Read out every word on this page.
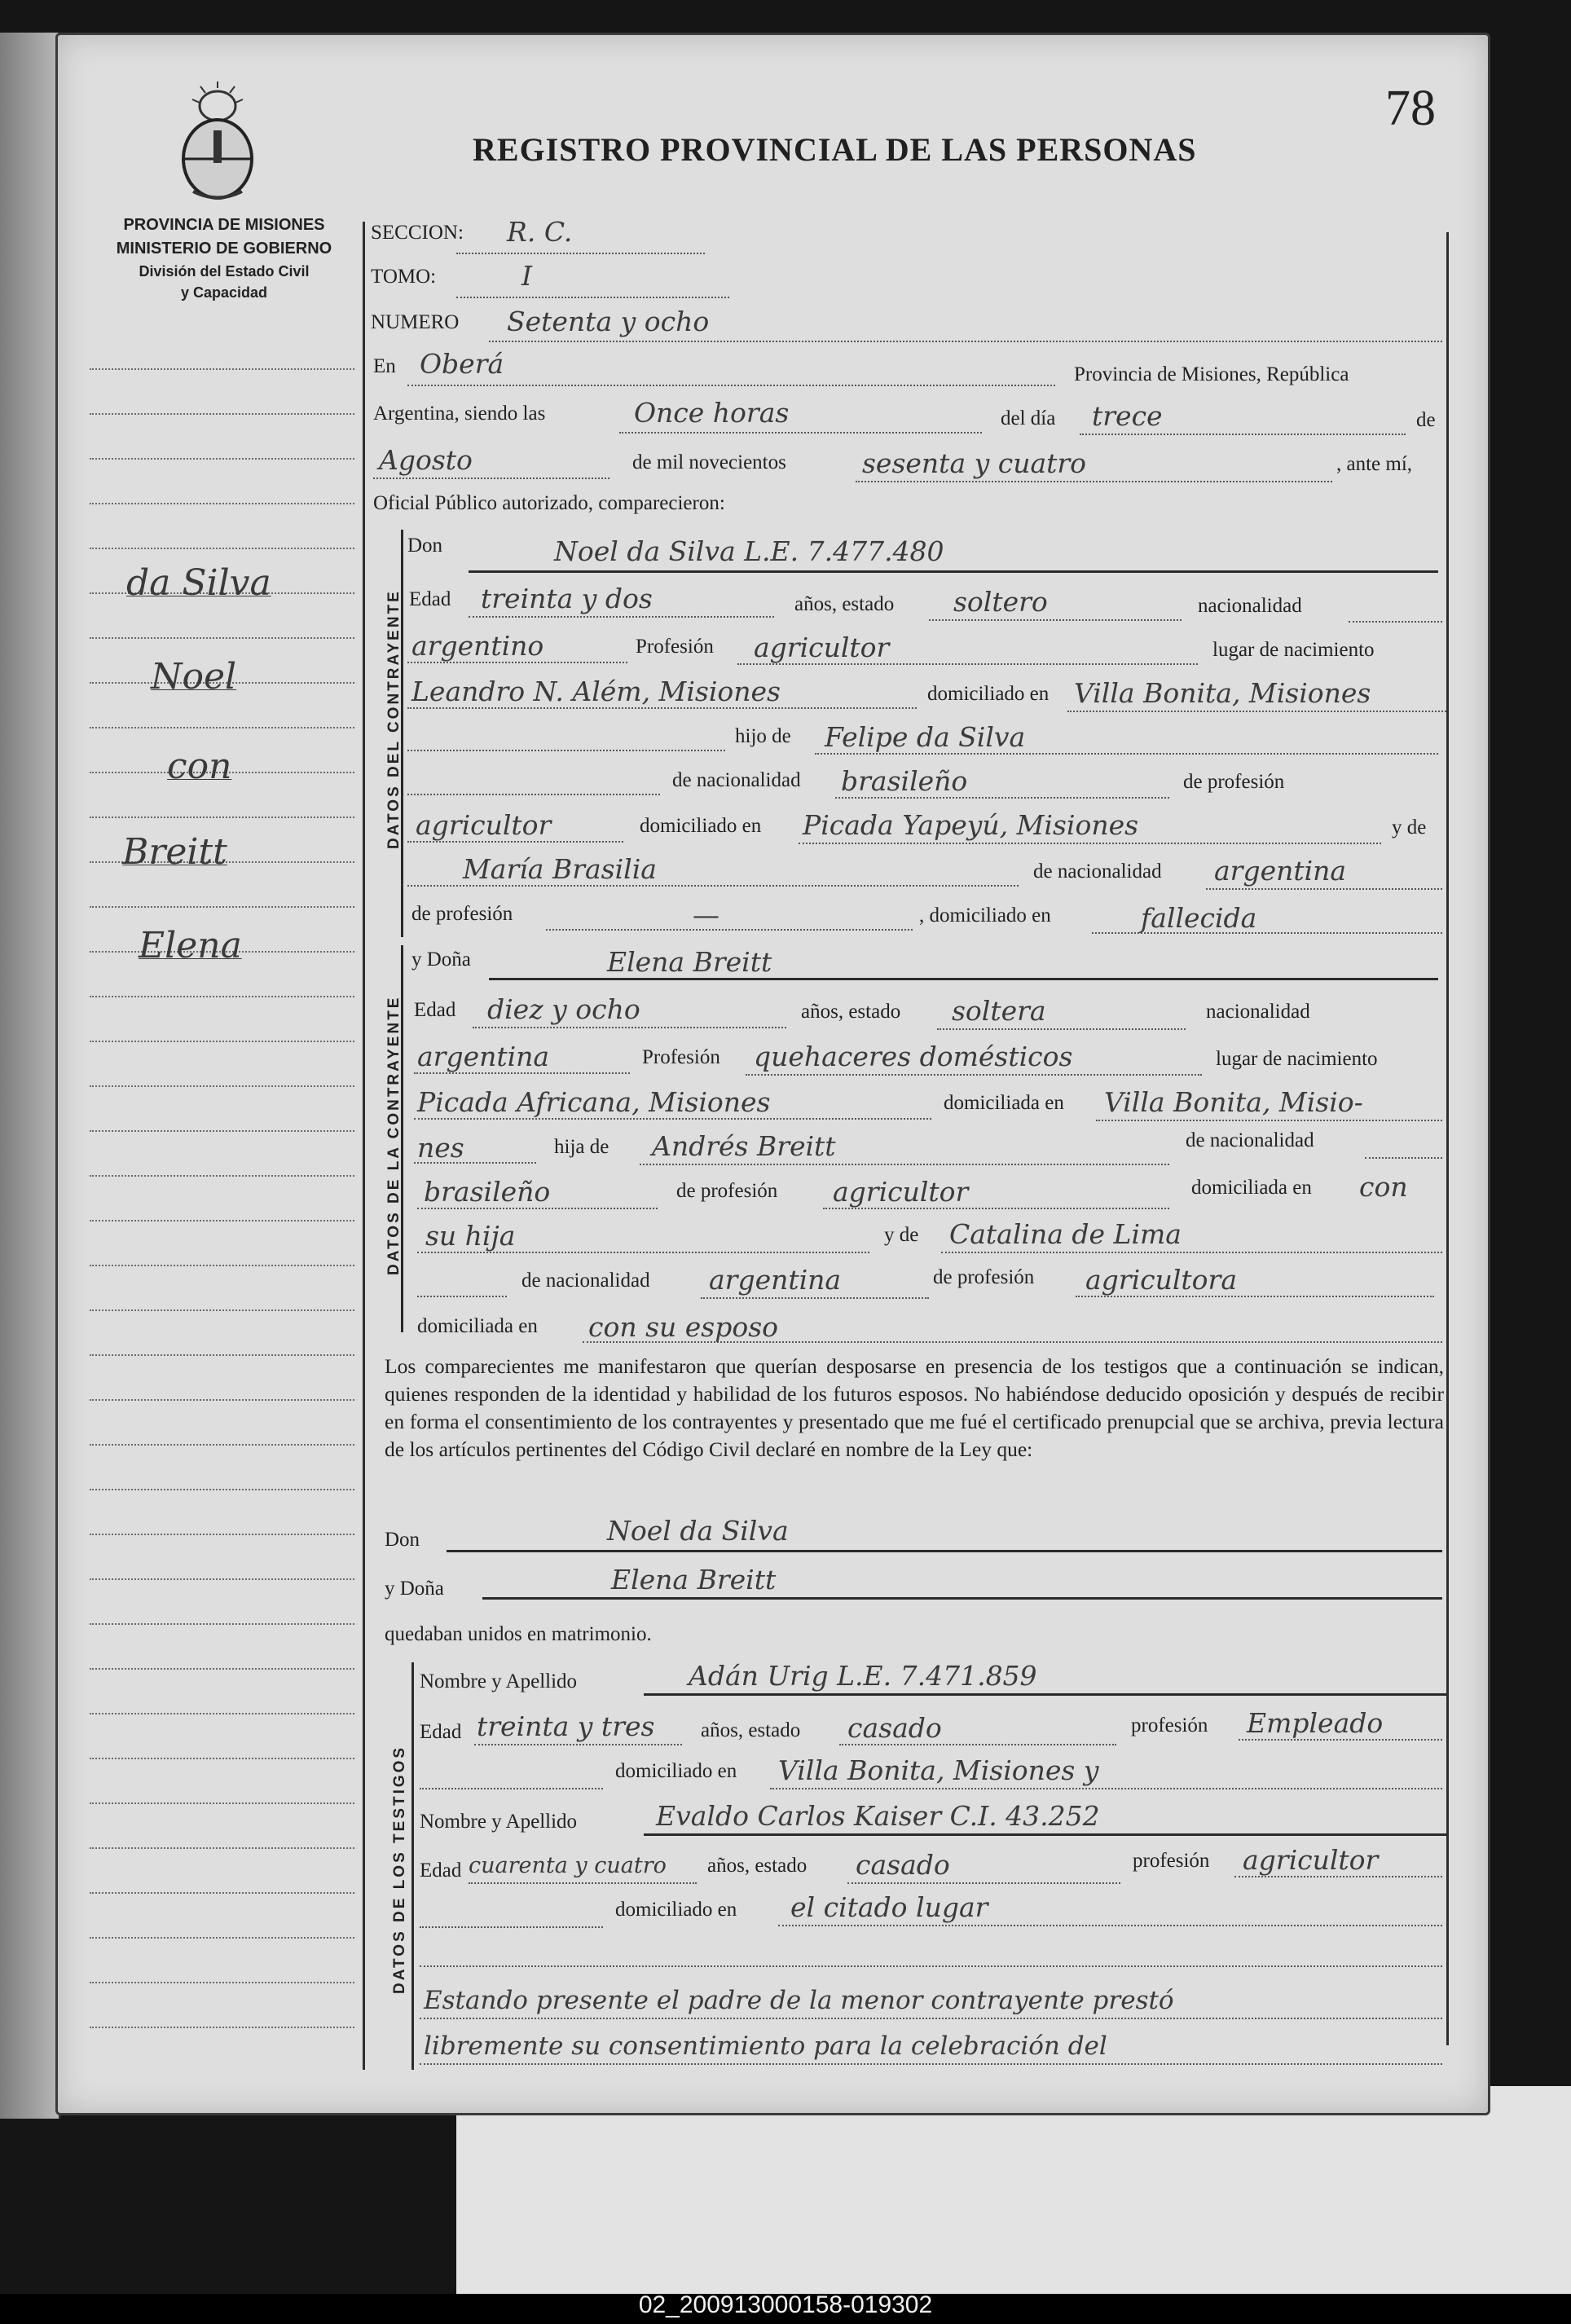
78
REGISTRO PROVINCIAL DE LAS PERSONAS
PROVINCIA DE MISIONES
MINISTERIO DE GOBIERNO
División del Estado Civil
y Capacidad
da Silva
Noel
con
Breitt
Elena
SECCION: R. C.
TOMO:	I
NUMERO Setenta y ocho
En Oberá	Provincia de Misiones, República
Argentina, siendo las	Once horas	del día trece	de
Agosto	de mil novecientos	sesenta y cuatro	, ante mí,
Oficial Público autorizado, comparecieron:
DATOS DEL CONTRAYENTE
Don	Noel da Silva L.E. 7.477.480
Edad treinta y dos	años, estado soltero	nacionalidad
argentino	Profesión agricultor	lugar de nacimiento
Leandro N. Além, Misiones	domiciliado en Villa Bonita, Misiones
hijo de Felipe da Silva
de nacionalidad brasileño	de profesión
agricultor	domiciliado en Picada Yapeyú, Misiones	y de
María Brasilia	de nacionalidad argentina
de profesión	—	, domiciliado en	fallecida
DATOS DE LA CONTRAYENTE
y Doña	Elena Breitt
Edad diez y ocho	años, estado soltera	nacionalidad
argentina	Profesión quehaceres domésticos	lugar de nacimiento
Picada Africana, Misiones	domiciliada en Villa Bonita, Misio-
nes	hija de Andrés Breitt	de nacionalidad
brasileño	de profesión agricultor	domiciliada en con
su hija	y de Catalina de Lima
de nacionalidad argentina	de profesión agricultora
domiciliada en con su esposo
Los comparecientes me manifestaron que querían desposarse en presencia de los testigos que a continuación se indican, quienes responden de la identidad y habilidad de los futuros esposos. No habiéndose deducido oposición y después de recibir en forma el consentimiento de los contrayentes y presentado que me fué el certificado prenupcial que se archiva, previa lectura de los artículos pertinentes del Código Civil declaré en nombre de la Ley que:
Don	Noel da Silva
y Doña	Elena Breitt
quedaban unidos en matrimonio.
DATOS DE LOS TESTIGOS
Nombre y Apellido	Adán Urig L.E. 7.471.859
Edad treinta y tres años, estado casado	profesión Empleado
domiciliado en Villa Bonita, Misiones y
Nombre y Apellido	Evaldo Carlos Kaiser C.I. 43.252
Edad cuarenta y cuatro años, estado casado	profesión agricultor
domiciliado en el citado lugar
Estando presente el padre de la menor contrayente prestó
libremente su consentimiento para la celebración del
02_200913000158-019302
